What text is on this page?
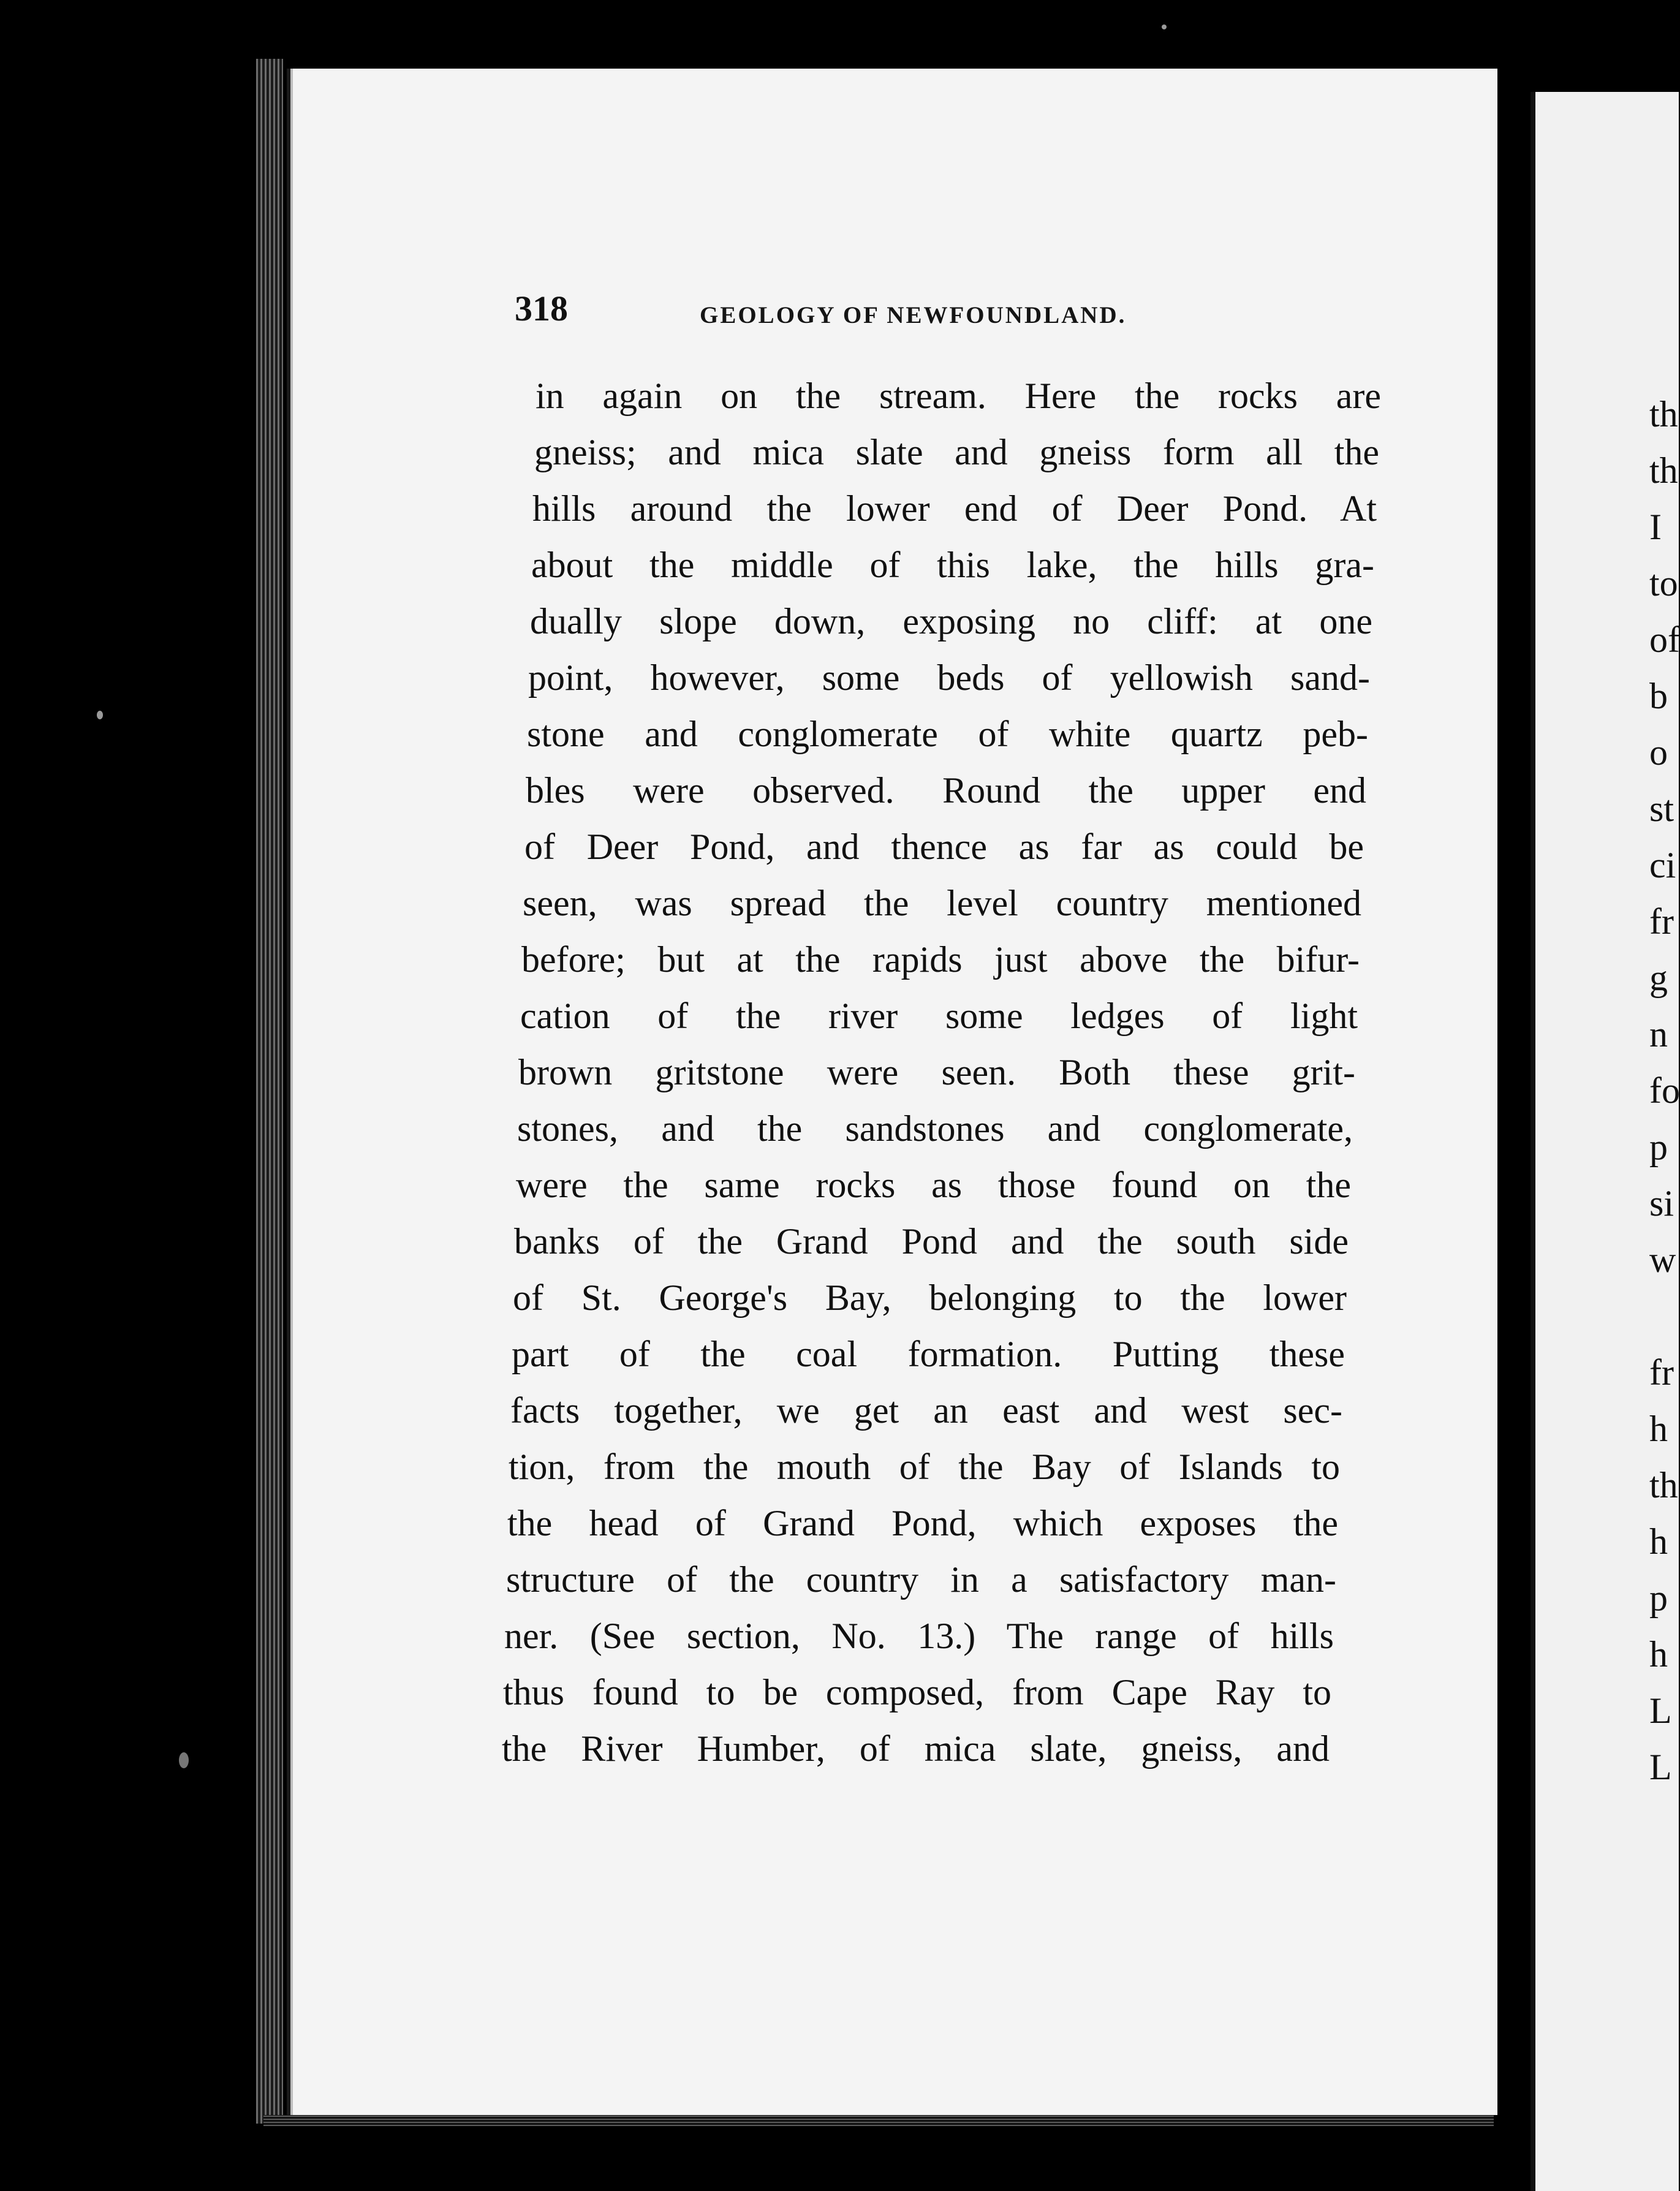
318	GEOLOGY OF NEWFOUNDLAND.
in again on the stream. Here the rocks are
gneiss; and mica slate and gneiss form all the
hills around the lower end of Deer Pond. At
about the middle of this lake, the hills gra-
dually slope down, exposing no cliff: at one
point, however, some beds of yellowish sand-
stone and conglomerate of white quartz peb-
bles were observed. Round the upper end
of Deer Pond, and thence as far as could be
seen, was spread the level country mentioned
before; but at the rapids just above the bifur-
cation of the river some ledges of light
brown gritstone were seen. Both these grit-
stones, and the sandstones and conglomerate,
were the same rocks as those found on the
banks of the Grand Pond and the south side
of St. George's Bay, belonging to the lower
part of the coal formation. Putting these
facts together, we get an east and west sec-
tion, from the mouth of the Bay of Islands to
the head of Grand Pond, which exposes the
structure of the country in a satisfactory man-
ner. (See section, No. 13.) The range of hills
thus found to be composed, from Cape Ray to
the River Humber, of mica slate, gneiss, and
th
th
I
to
of
b
o
st
ci
fr
g
n
fo
p
si
w
fr
h
th
h
p
h
L
L
